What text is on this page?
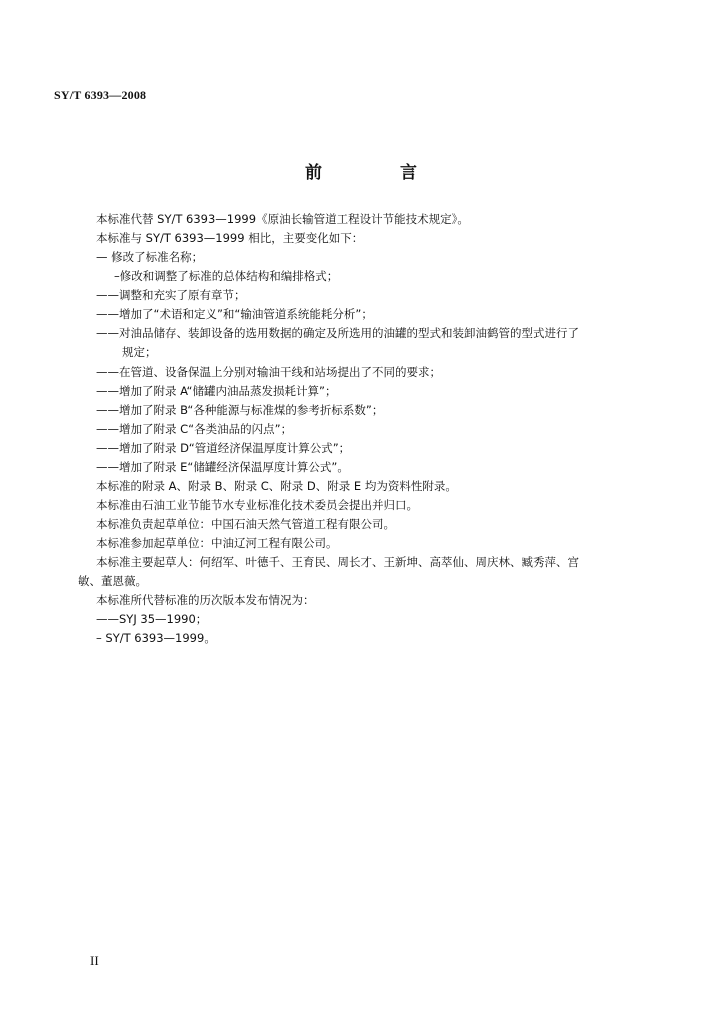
SY/T 6393—2008
前 言
本标准代替 SY/T 6393—1999《原油长输管道工程设计节能技术规定》。
本标准与 SY/T 6393—1999 相比，主要变化如下：
— 修改了标准名称；
–修改和调整了标准的总体结构和编排格式；
——调整和充实了原有章节；
——增加了“术语和定义”和“输油管道系统能耗分析”；
——对油品储存、装卸设备的选用数据的确定及所选用的油罐的型式和装卸油鹤管的型式进行了
规定；
——在管道、设备保温上分别对输油干线和站场提出了不同的要求；
——增加了附录 A“储罐内油品蒸发损耗计算”；
——增加了附录 B“各种能源与标准煤的参考折标系数”；
——增加了附录 C“各类油品的闪点”；
——增加了附录 D“管道经济保温厚度计算公式”；
——增加了附录 E“储罐经济保温厚度计算公式”。
本标准的附录 A、附录 B、附录 C、附录 D、附录 E 均为资料性附录。
本标准由石油工业节能节水专业标准化技术委员会提出并归口。
本标准负责起草单位：中国石油天然气管道工程有限公司。
本标准参加起草单位：中油辽河工程有限公司。
本标准主要起草人：何绍军、叶德千、王育民、周长才、王新坤、高萃仙、周庆林、臧秀萍、宫
敏、董恩薇。
本标准所代替标准的历次版本发布情况为：
——SYJ 35—1990；
– SY/T 6393—1999。
II
